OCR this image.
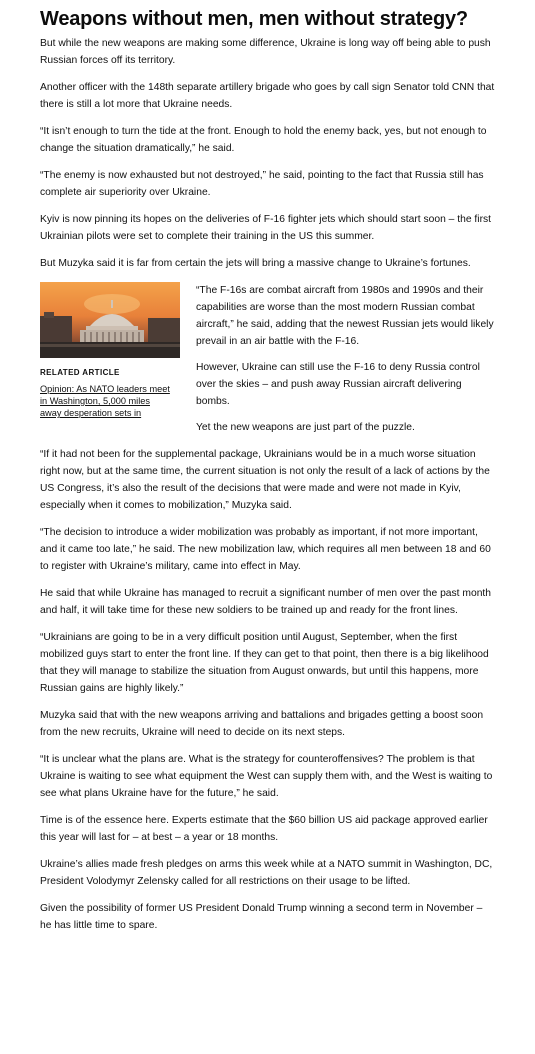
Weapons without men, men without strategy?

But while the new weapons are making some difference, Ukraine is long way off being able to push Russian forces off its territory.

Another officer with the 148th separate artillery brigade who goes by call sign Senator told CNN that there is still a lot more that Ukraine needs.

“It isn’t enough to turn the tide at the front. Enough to hold the enemy back, yes, but not enough to change the situation dramatically,” he said.

“The enemy is now exhausted but not destroyed,” he said, pointing to the fact that Russia still has complete air superiority over Ukraine.

Kyiv is now pinning its hopes on the deliveries of F-16 fighter jets which should start soon – the first Ukrainian pilots were set to complete their training in the US this summer.

But Muzyka said it is far from certain the jets will bring a massive change to Ukraine’s fortunes.

RELATED ARTICLE
Opinion: As NATO leaders meet
in Washington, 5,000 miles
away desperation sets in

“The F-16s are combat aircraft from 1980s and 1990s and their capabilities are worse than the most modern Russian combat aircraft,” he said, adding that the newest Russian jets would likely prevail in an air battle with the F-16.

However, Ukraine can still use the F-16 to deny Russia control over the skies – and push away Russian aircraft delivering bombs.

Yet the new weapons are just part of the puzzle.

“If it had not been for the supplemental package, Ukrainians would be in a much worse situation right now, but at the same time, the current situation is not only the result of a lack of actions by the US Congress, it’s also the result of the decisions that were made and were not made in Kyiv, especially when it comes to mobilization,” Muzyka said.

“The decision to introduce a wider mobilization was probably as important, if not more important, and it came too late,” he said. The new mobilization law, which requires all men between 18 and 60 to register with Ukraine’s military, came into effect in May.

He said that while Ukraine has managed to recruit a significant number of men over the past month and half, it will take time for these new soldiers to be trained up and ready for the front lines.

“Ukrainians are going to be in a very difficult position until August, September, when the first mobilized guys start to enter the front line. If they can get to that point, then there is a big likelihood that they will manage to stabilize the situation from August onwards, but until this happens, more Russian gains are highly likely.”

Muzyka said that with the new weapons arriving and battalions and brigades getting a boost soon from the new recruits, Ukraine will need to decide on its next steps.

“It is unclear what the plans are. What is the strategy for counteroffensives? The problem is that Ukraine is waiting to see what equipment the West can supply them with, and the West is waiting to see what plans Ukraine have for the future,” he said.

Time is of the essence here. Experts estimate that the $60 billion US aid package approved earlier this year will last for – at best – a year or 18 months.

Ukraine’s allies made fresh pledges on arms this week while at a NATO summit in Washington, DC, President Volodymyr Zelensky called for all restrictions on their usage to be lifted.

Given the possibility of former US President Donald Trump winning a second term in November – he has little time to spare.
